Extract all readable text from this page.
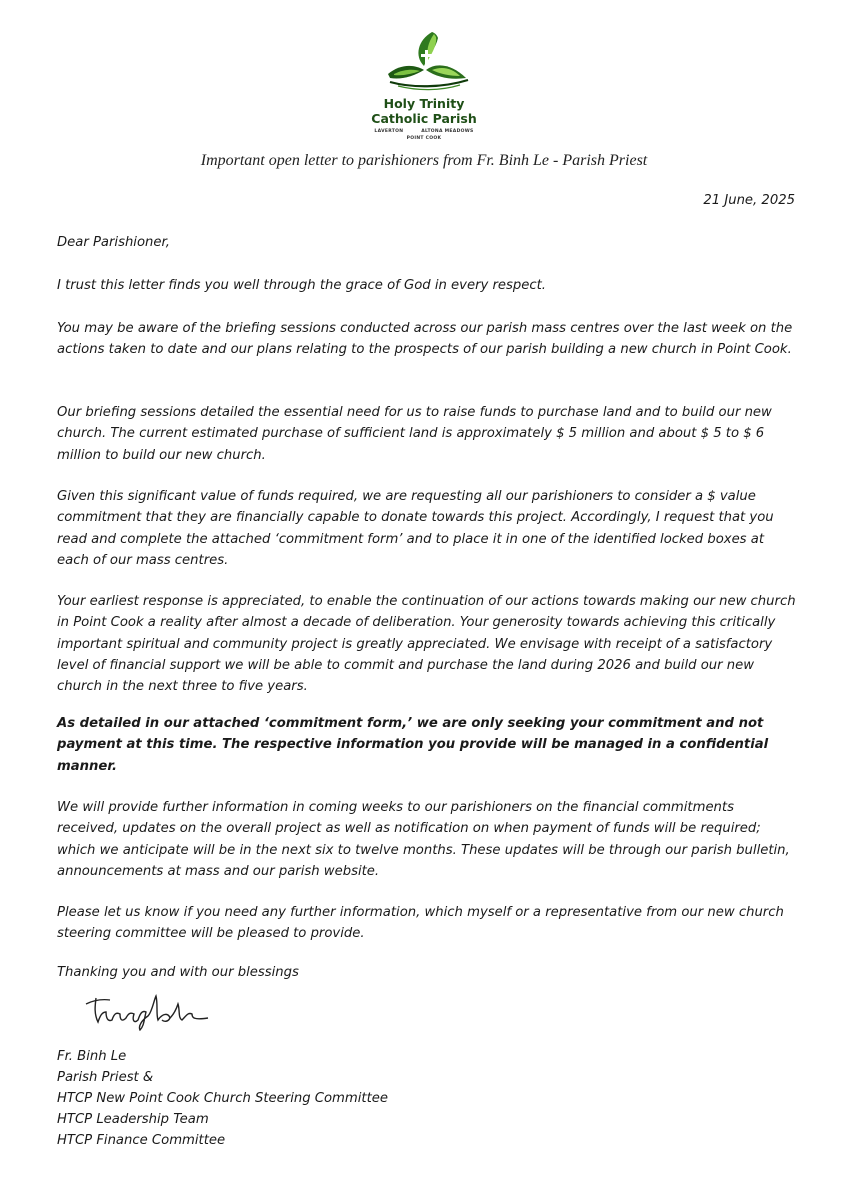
Holy Trinity
Catholic Parish
LAVERTON	ALTONA MEADOWS
POINT COOK
Important open letter to parishioners from Fr. Binh Le - Parish Priest
21 June, 2025

Dear Parishioner,

I trust this letter finds you well through the grace of God in every respect.

You may be aware of the briefing sessions conducted across our parish mass centres over the last week on the actions taken to date and our plans relating to the prospects of our parish building a new church in Point Cook.

Our briefing sessions detailed the essential need for us to raise funds to purchase land and to build our new church. The current estimated purchase of sufficient land is approximately $ 5 million and about $ 5 to $ 6 million to build our new church.

Given this significant value of funds required, we are requesting all our parishioners to consider a $ value commitment that they are financially capable to donate towards this project. Accordingly, I request that you read and complete the attached ‘commitment form’ and to place it in one of the identified locked boxes at each of our mass centres.

Your earliest response is appreciated, to enable the continuation of our actions towards making our new church in Point Cook a reality after almost a decade of deliberation. Your generosity towards achieving this critically important spiritual and community project is greatly appreciated. We envisage with receipt of a satisfactory level of financial support we will be able to commit and purchase the land during 2026 and build our new church in the next three to five years.

As detailed in our attached ‘commitment form,’ we are only seeking your commitment and not payment at this time. The respective information you provide will be managed in a confidential manner.

We will provide further information in coming weeks to our parishioners on the financial commitments received, updates on the overall project as well as notification on when payment of funds will be required; which we anticipate will be in the next six to twelve months. These updates will be through our parish bulletin, announcements at mass and our parish website.

Please let us know if you need any further information, which myself or a representative from our new church steering committee will be pleased to provide.

Thanking you and with our blessings

Fr. Binh Le
Parish Priest &
HTCP New Point Cook Church Steering Committee
HTCP Leadership Team
HTCP Finance Committee
